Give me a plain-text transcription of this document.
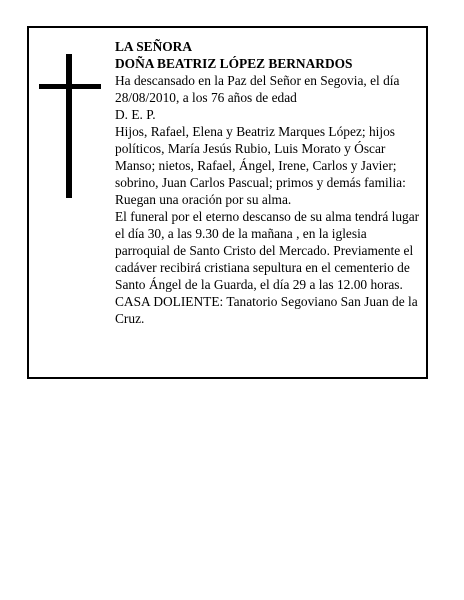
LA SEÑORA

DOÑA BEATRIZ LÓPEZ BERNARDOS

Ha descansado en la Paz del Señor en Segovia, el día 28/08/2010, a los 76 años de edad

D. E. P.

Hijos, Rafael, Elena y Beatriz Marques López; hijos políticos, María Jesús Rubio, Luis Morato y Óscar Manso; nietos, Rafael, Ángel, Irene, Carlos y Javier; sobrino, Juan Carlos Pascual; primos y demás familia:

Ruegan una oración por su alma.

El funeral por el eterno descanso de su alma tendrá lugar el día 30, a las 9.30 de la mañana , en la iglesia parroquial de Santo Cristo del Mercado. Previamente el cadáver recibirá cristiana sepultura en el cementerio de Santo Ángel de la Guarda, el día 29 a las 12.00 horas.

CASA DOLIENTE: Tanatorio Segoviano San Juan de la Cruz.
